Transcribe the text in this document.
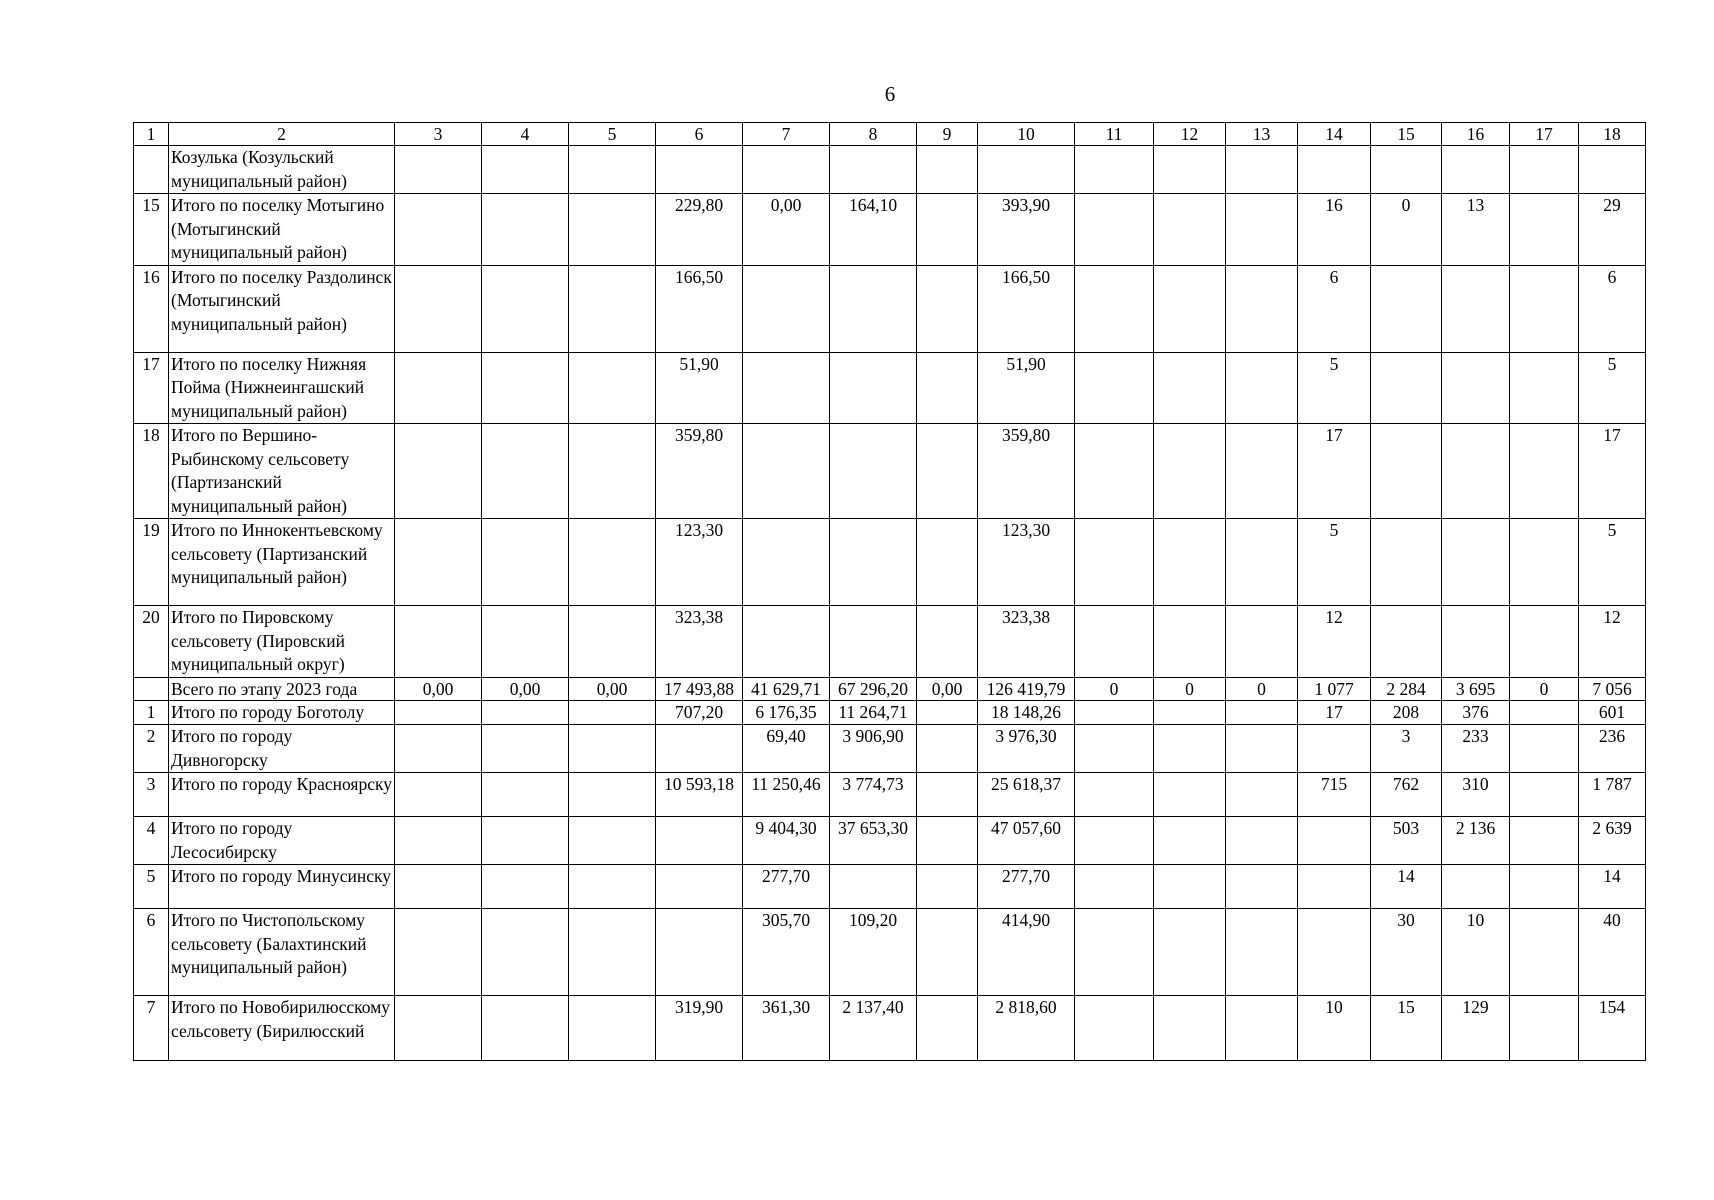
6
1	2	3	4	5	6	7	8	9	10	11	12	13	14	15	16	17	18
	Козулька (Козульский муниципальный район)																
15	Итого по поселку Мотыгино (Мотыгинский муниципальный район)				229,80	0,00	164,10		393,90				16	0	13		29
16	Итого по поселку Раздолинск (Мотыгинский муниципальный район)				166,50				166,50				6				6
17	Итого по поселку Нижняя Пойма (Нижнеингашский муниципальный район)				51,90				51,90				5				5
18	Итого по Вершино-Рыбинскому сельсовету (Партизанский муниципальный район)				359,80				359,80				17				17
19	Итого по Иннокентьевскому сельсовету (Партизанский муниципальный район)				123,30				123,30				5				5
20	Итого по Пировскому сельсовету (Пировский муниципальный округ)				323,38				323,38				12				12
	Всего по этапу 2023 года	0,00	0,00	0,00	17 493,88	41 629,71	67 296,20	0,00	126 419,79	0	0	0	1 077	2 284	3 695	0	7 056
1	Итого по городу Боготолу				707,20	6 176,35	11 264,71		18 148,26				17	208	376		601
2	Итого по городу Дивногорску					69,40	3 906,90		3 976,30					3	233		236
3	Итого по городу Красноярску				10 593,18	11 250,46	3 774,73		25 618,37				715	762	310		1 787
4	Итого по городу Лесосибирску					9 404,30	37 653,30		47 057,60					503	2 136		2 639
5	Итого по городу Минусинску					277,70			277,70					14			14
6	Итого по Чистопольскому сельсовету (Балахтинский муниципальный район)					305,70	109,20		414,90					30	10		40
7	Итого по Новобирилюсскому сельсовету (Бирилюсский				319,90	361,30	2 137,40		2 818,60				10	15	129		154
